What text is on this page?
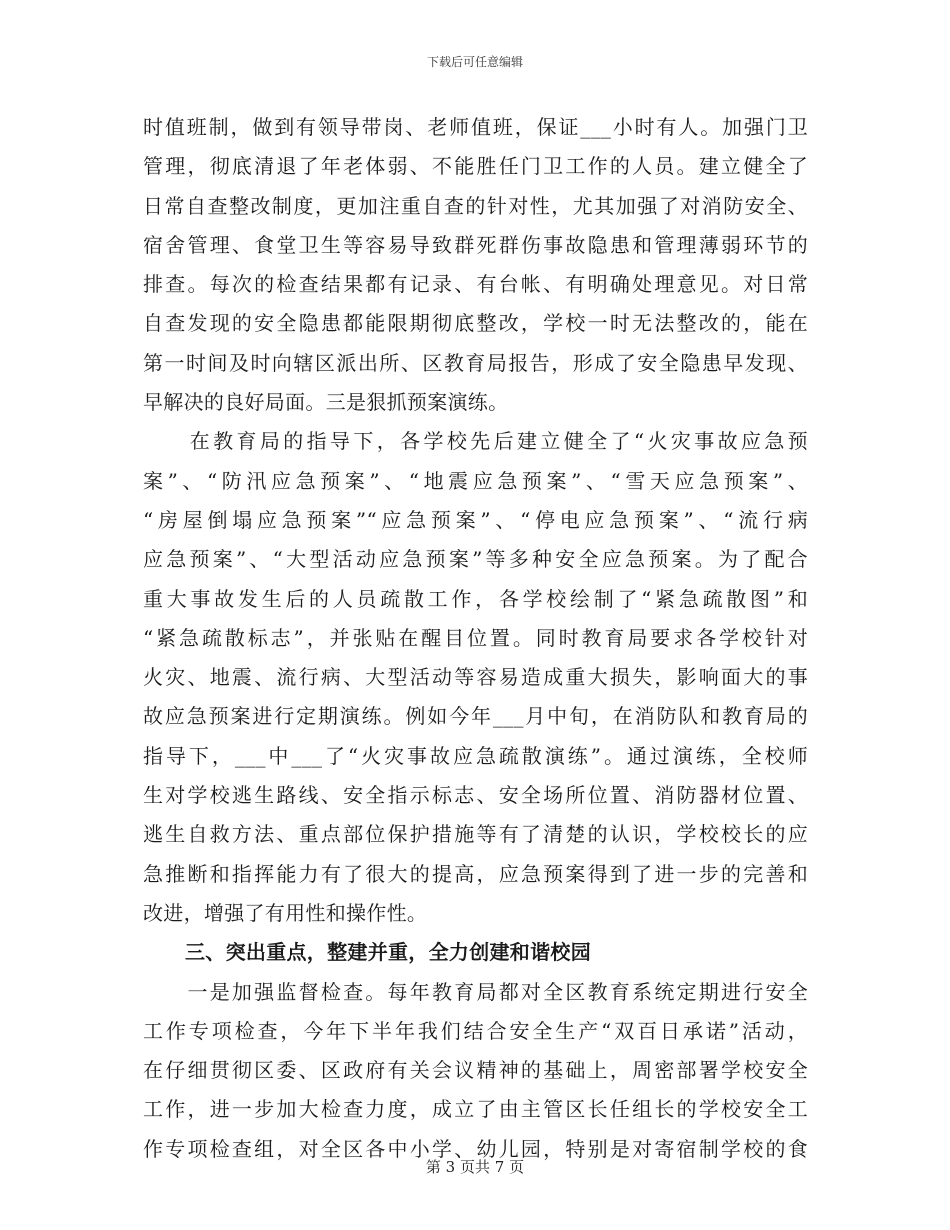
下载后可任意编辑
时值班制，做到有领导带岗、老师值班，保证___小时有人。加强门卫
管理，彻底清退了年老体弱、不能胜任门卫工作的人员。建立健全了
日常自查整改制度，更加注重自查的针对性，尤其加强了对消防安全、
宿舍管理、食堂卫生等容易导致群死群伤事故隐患和管理薄弱环节的
排查。每次的检查结果都有记录、有台帐、有明确处理意见。对日常
自查发现的安全隐患都能限期彻底整改，学校一时无法整改的，能在
第一时间及时向辖区派出所、区教育局报告，形成了安全隐患早发现、
早解决的良好局面。三是狠抓预案演练。
　　在教育局的指导下，各学校先后建立健全了“火灾事故应急预
案”、“防汛应急预案”、“地震应急预案”、“雪天应急预案”、
“房屋倒塌应急预案”“应急预案”、“停电应急预案”、“流行病
应急预案”、“大型活动应急预案”等多种安全应急预案。为了配合
重大事故发生后的人员疏散工作，各学校绘制了“紧急疏散图”和
“紧急疏散标志”，并张贴在醒目位置。同时教育局要求各学校针对
火灾、地震、流行病、大型活动等容易造成重大损失，影响面大的事
故应急预案进行定期演练。例如今年___月中旬，在消防队和教育局的
指导下，___中___了“火灾事故应急疏散演练”。通过演练，全校师
生对学校逃生路线、安全指示标志、安全场所位置、消防器材位置、
逃生自救方法、重点部位保护措施等有了清楚的认识，学校校长的应
急推断和指挥能力有了很大的提高，应急预案得到了进一步的完善和
改进，增强了有用性和操作性。
三、突出重点，整建并重，全力创建和谐校园
　　一是加强监督检查。每年教育局都对全区教育系统定期进行安全
工作专项检查，今年下半年我们结合安全生产“双百日承诺”活动，
在仔细贯彻区委、区政府有关会议精神的基础上，周密部署学校安全
工作，进一步加大检查力度，成立了由主管区长任组长的学校安全工
作专项检查组，对全区各中小学、幼儿园，特别是对寄宿制学校的食
第 3 页共 7 页
